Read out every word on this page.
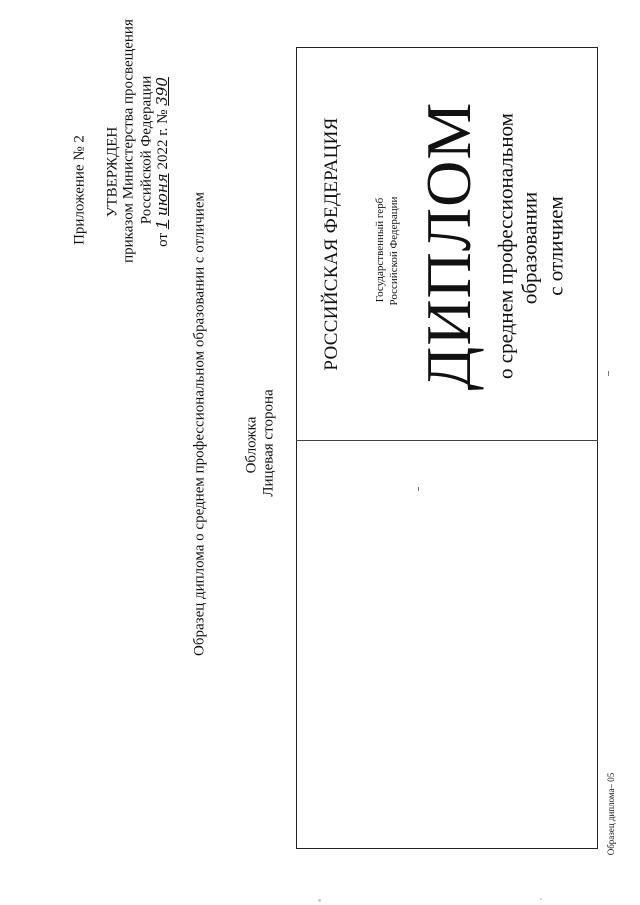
Приложение № 2 УТВЕРЖДЕН приказом Министерства просвещения Российской Федерации
от 1 июня 2022 г. № 390
Образец диплома о среднем профессиональном образовании с отличием Обложка Лицевая сторона
РОССИЙСКАЯ ФЕДЕРАЦИЯ	Государственный герб Российской Федерации ДИПЛОМ о среднем профессиональном образовании с отличием
Образец диплома– 05
